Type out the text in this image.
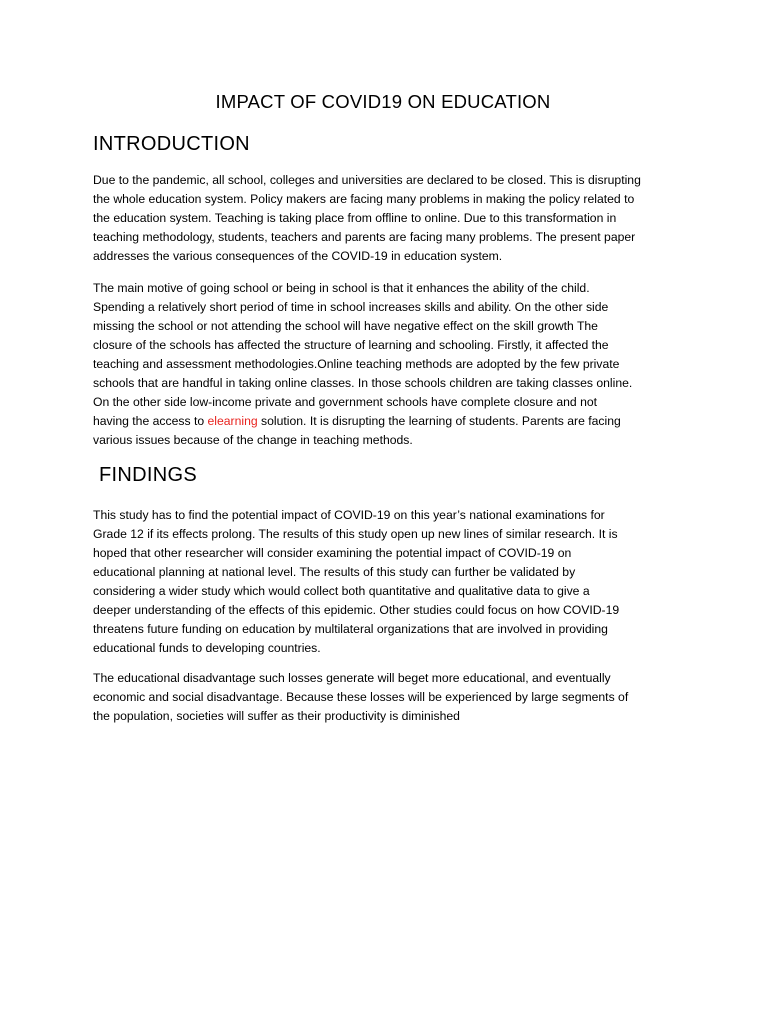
IMPACT OF COVID19 ON EDUCATION
INTRODUCTION

Due to the pandemic, all school, colleges and universities are declared to be closed. This is disrupting
the whole education system. Policy makers are facing many problems in making the policy related to
the education system. Teaching is taking place from offline to online. Due to this transformation in
teaching methodology, students, teachers and parents are facing many problems. The present paper
addresses the various consequences of the COVID-19 in education system.

The main motive of going school or being in school is that it enhances the ability of the child.
Spending a relatively short period of time in school increases skills and ability. On the other side
missing the school or not attending the school will have negative effect on the skill growth The
closure of the schools has affected the structure of learning and schooling. Firstly, it affected the
teaching and assessment methodologies.Online teaching methods are adopted by the few private
schools that are handful in taking online classes. In those schools children are taking classes online.
On the other side low-income private and government schools have complete closure and not
having the access to elearning solution. It is disrupting the learning of students. Parents are facing
various issues because of the change in teaching methods.

FINDINGS

This study has to find the potential impact of COVID-19 on this year’s national examinations for
Grade 12 if its effects prolong. The results of this study open up new lines of similar research. It is
hoped that other researcher will consider examining the potential impact of COVID-19 on
educational planning at national level. The results of this study can further be validated by
considering a wider study which would collect both quantitative and qualitative data to give a
deeper understanding of the effects of this epidemic. Other studies could focus on how COVID-19
threatens future funding on education by multilateral organizations that are involved in providing
educational funds to developing countries.

The educational disadvantage such losses generate will beget more educational, and eventually
economic and social disadvantage. Because these losses will be experienced by large segments of
the population, societies will suffer as their productivity is diminished
